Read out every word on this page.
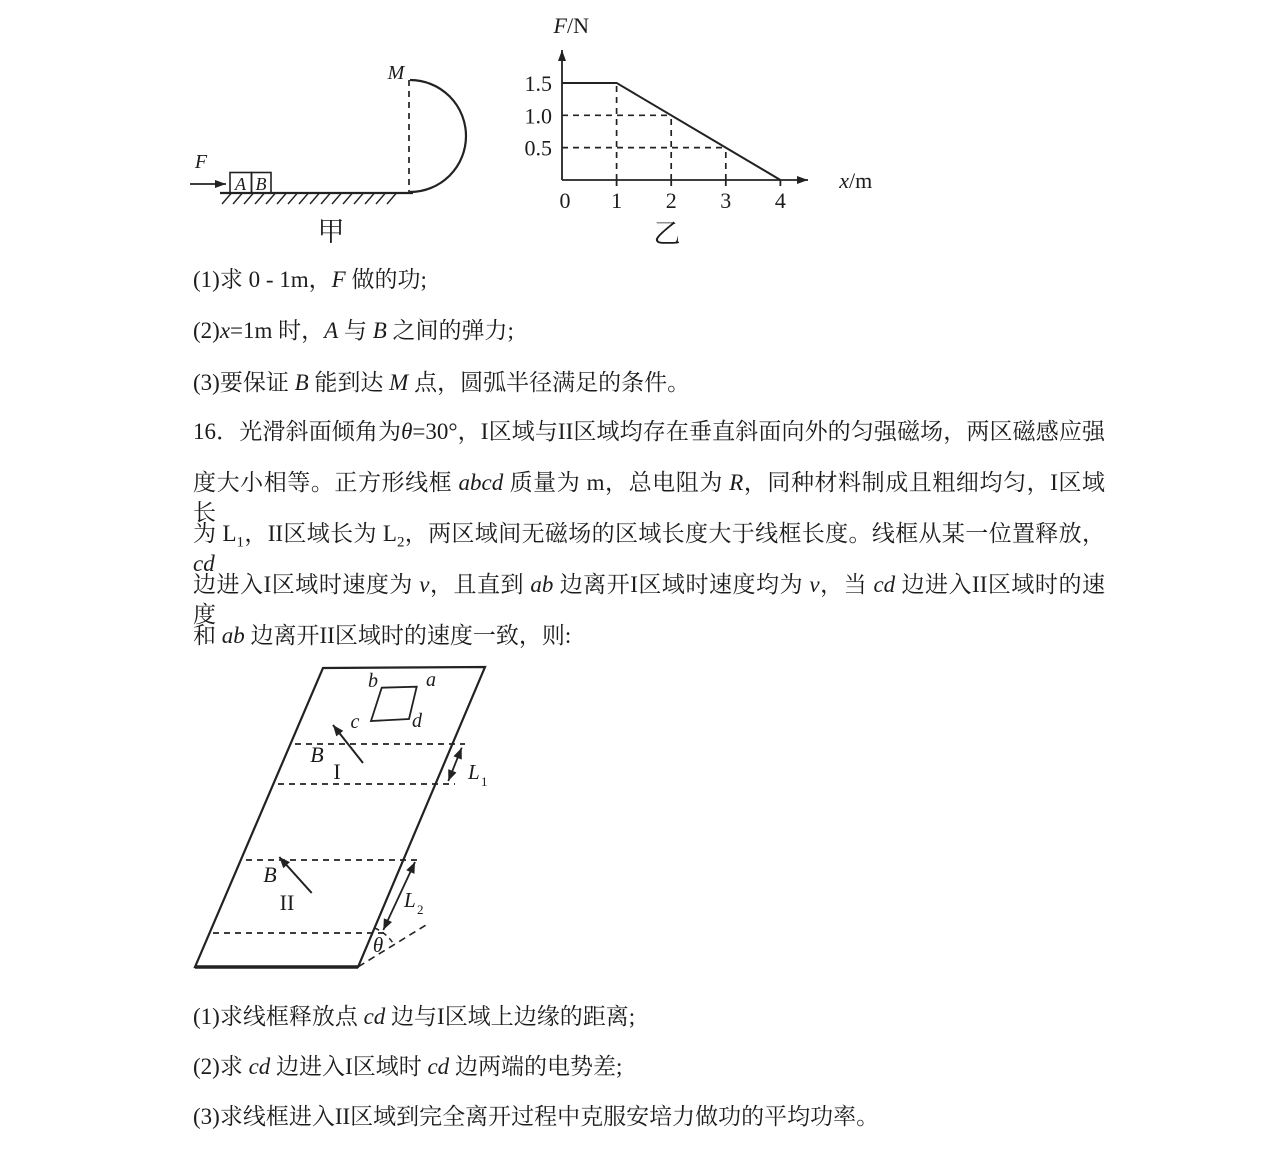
F
A B
M
甲
F /N
x /m
0 1 2 3 4
1.5
1.0
0.5
乙
(1)求 0 - 1m，F 做的功;
(2)x=1m 时，A 与 B 之间的弹力;
(3)要保证 B 能到达 M 点，圆弧半径满足的条件。
16．光滑斜面倾角为θ=30°，I区域与II区域均存在垂直斜面向外的匀强磁场，两区磁感应强
度大小相等。正方形线框 abcd 质量为 m，总电阻为 R，同种材料制成且粗细均匀，I区域长
为 $L_1$，II区域长为 $L_2$，两区域间无磁场的区域长度大于线框长度。线框从某一位置释放，cd
边进入I区域时速度为 v，且直到 ab 边离开I区域时速度均为 v，当 cd 边进入II区域时的速度
和 ab 边离开II区域时的速度一致，则:
b a
c	d
B
I	L 1
B
II	L 2
θ
(1)求线框释放点 cd 边与I区域上边缘的距离;
(2)求 cd 边进入I区域时 cd 边两端的电势差;
(3)求线框进入II区域到完全离开过程中克服安培力做功的平均功率。
